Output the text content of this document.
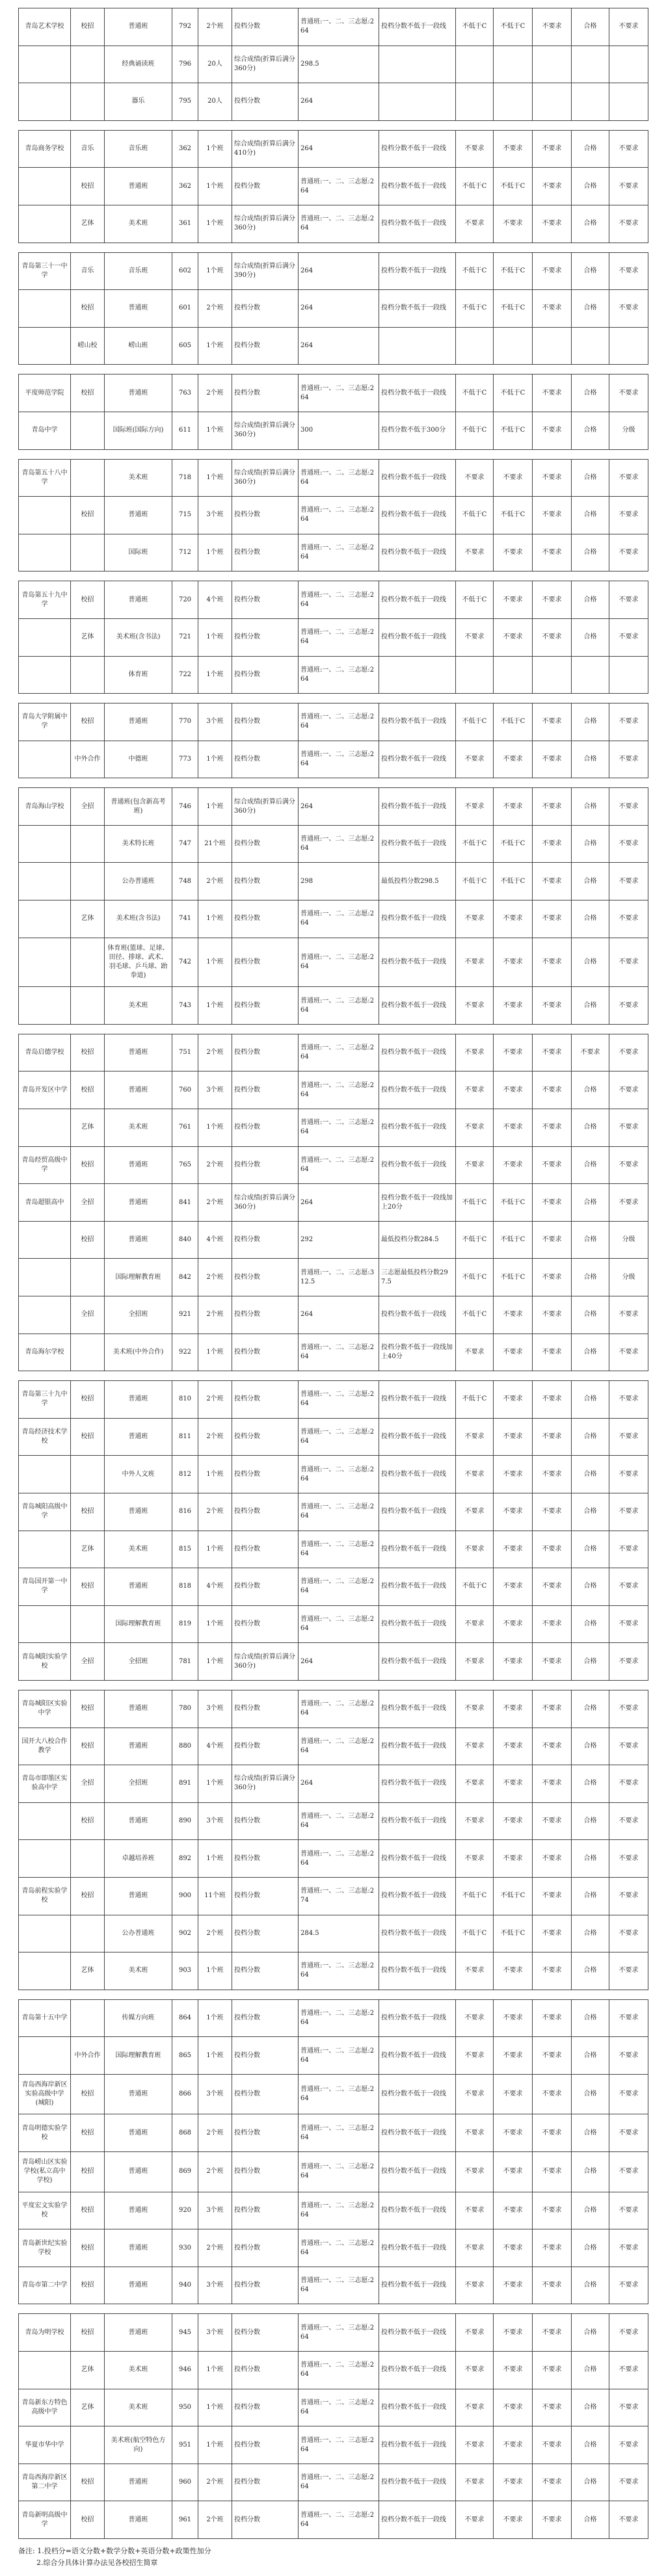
青岛艺术学校	校招	普通班	792	2个班	投档分数	普通班:一、二、三志愿:264	投档分数不低于一段线	不低于C	不低于C	不要求	合格	不要求
		经典诵读班	796	20人	综合成绩(折算后满分360分)	298.5						
		器乐	795	20人	投档分数	264						

青岛商务学校	音乐	音乐班	362	1个班	综合成绩(折算后满分410分)	264	投档分数不低于一段线	不要求	不要求	不要求	合格	不要求
	校招	普通班	362	1个班	投档分数	普通班:一、二、三志愿:264	投档分数不低于一段线	不低于C	不低于C	不要求	合格	不要求
	艺体	美术班	361	1个班	综合成绩(折算后满分360分)	普通班:一、二、三志愿:264	投档分数不低于一段线	不要求	不要求	不要求	合格	不要求

青岛第三十一中学	音乐	音乐班	602	1个班	综合成绩(折算后满分390分)	264	投档分数不低于一段线	不低于C	不低于C	不要求	合格	不要求
	校招	普通班	601	2个班	投档分数	264	投档分数不低于一段线	不低于C	不低于C	不要求	合格	不要求
	崂山校	崂山班	605	1个班	投档分数	264						

平度师范学院	校招	普通班	763	2个班	投档分数	普通班:一、二、三志愿:264	投档分数不低于一段线	不低于C	不低于C	不要求	合格	不要求
青岛中学		国际班(国际方向)	611	1个班	综合成绩(折算后满分360分)	300	投档分数不低于300分	不低于C	不低于C	不要求	合格	分级

青岛第五十八中学		美术班	718	1个班	综合成绩(折算后满分360分)	普通班:一、二、三志愿:264	投档分数不低于一段线	不要求	不要求	不要求	合格	不要求
	校招	普通班	715	3个班	投档分数	普通班:一、二、三志愿:264	投档分数不低于一段线	不低于C	不低于C	不要求	合格	不要求
		国际班	712	1个班	投档分数	普通班:一、二、三志愿:264	投档分数不低于一段线	不要求	不要求	不要求	合格	不要求

青岛第五十九中学	校招	普通班	720	4个班	投档分数	普通班:一、二、三志愿:264	投档分数不低于一段线	不低于C	不要求	不要求	合格	不要求
	艺体	美术班(含书法)	721	1个班	投档分数	普通班:一、二、三志愿:264	投档分数不低于一段线	不要求	不要求	不要求	合格	不要求
		体育班	722	1个班	投档分数	普通班:一、二、三志愿:264						

青岛大学附属中学	校招	普通班	770	3个班	投档分数	普通班:一、二、三志愿:264	投档分数不低于一段线	不低于C	不低于C	不要求	合格	不要求
	中外合作	中德班	773	1个班	投档分数	普通班:一、二、三志愿:264	投档分数不低于一段线	不要求	不要求	不要求	合格	不要求

青岛海山学校	全招	普通班(包含新高考班)	746	1个班	综合成绩(折算后满分360分)	264	投档分数不低于一段线	不要求	不要求	不要求	合格	不要求
		美术特长班	747	21个班	投档分数	普通班:一、二、三志愿:264	投档分数不低于一段线	不低于C	不低于C	不要求	合格	不要求
		公办普通班	748	2个班	投档分数	298	最低投档分数298.5	不低于C	不低于C	不要求	合格	不要求
	艺体	美术班(含书法)	741	1个班	投档分数	普通班:一、二、三志愿:264	投档分数不低于一段线	不要求	不要求	不要求	合格	不要求
		体育班(篮球、足球、田径、排球、武术、羽毛球、乒乓球、跆拳道)	742	1个班	投档分数	普通班:一、二、三志愿:264	投档分数不低于一段线	不要求	不要求	不要求	合格	不要求
		美术班	743	1个班	投档分数	普通班:一、二、三志愿:264	投档分数不低于一段线	不要求	不要求	不要求	合格	不要求

青岛启德学校	校招	普通班	751	2个班	投档分数	普通班:一、二、三志愿:264	投档分数不低于一段线	不要求	不要求	不要求	不要求	不要求
青岛开发区中学	校招	普通班	760	3个班	投档分数	普通班:一、二、三志愿:264	投档分数不低于一段线	不要求	不要求	不要求	合格	不要求
	艺体	美术班	761	1个班	投档分数	普通班:一、二、三志愿:264	投档分数不低于一段线	不要求	不要求	不要求	合格	不要求
青岛经贸高级中学	校招	普通班	765	2个班	投档分数	普通班:一、二、三志愿:264	投档分数不低于一段线	不要求	不要求	不要求	合格	不要求
青岛超银高中	全招	普通班	841	2个班	综合成绩(折算后满分360分)	264	投档分数不低于一段线加上20分	不低于C	不低于C	不要求	合格	不要求
	校招	普通班	840	4个班	投档分数	292	最低投档分数284.5	不低于C	不低于C	不要求	合格	分级
		国际理解教育班	842	2个班	投档分数	普通班:一、二、三志愿:312.5	三志愿最低投档分数297.5	不低于C	不低于C	不要求	合格	分级
	全招	全招班	921	2个班	投档分数	264	投档分数不低于一段线	不低于C	不要求	不要求	合格	不要求
青岛海尔学校		美术班(中外合作)	922	1个班	投档分数	普通班:一、二、三志愿:264	投档分数不低于一段线加上40分	不要求	不要求	不要求	合格	不要求

青岛第三十九中学	校招	普通班	810	2个班	投档分数	普通班:一、二、三志愿:264	投档分数不低于一段线	不低于C	不要求	不要求	合格	不要求
青岛经济技术学校	校招	普通班	811	2个班	投档分数	普通班:一、二、三志愿:264	投档分数不低于一段线	不要求	不要求	不要求	合格	不要求
		中外人文班	812	1个班	投档分数	普通班:一、二、三志愿:264	投档分数不低于一段线	不要求	不要求	不要求	合格	不要求
青岛城阳高级中学	校招	普通班	816	2个班	投档分数	普通班:一、二、三志愿:264	投档分数不低于一段线	不要求	不要求	不要求	合格	不要求
	艺体	美术班	815	1个班	投档分数	普通班:一、二、三志愿:264	投档分数不低于一段线	不要求	不要求	不要求	合格	不要求
青岛国开第一中学	校招	普通班	818	4个班	投档分数	普通班:一、二、三志愿:264	投档分数不低于一段线	不低于C	不要求	不要求	合格	不要求
		国际理解教育班	819	1个班	投档分数	普通班:一、二、三志愿:264	投档分数不低于一段线	不要求	不要求	不要求	合格	不要求
青岛城阳实验学校	全招	全招班	781	1个班	综合成绩(折算后满分360分)	264	投档分数不低于一段线	不要求	不要求	不要求	合格	不要求

青岛城阳区实验中学	校招	普通班	780	3个班	投档分数	普通班:一、二、三志愿:264	投档分数不低于一段线	不要求	不要求	不要求	合格	不要求
国开大八校合作教学	校招	普通班	880	4个班	投档分数	普通班:一、二、三志愿:264	投档分数不低于一段线	不要求	不要求	不要求	合格	不要求
青岛市即墨区实验高中学	全招	全招班	891	1个班	综合成绩(折算后满分360分)	264	投档分数不低于一段线	不要求	不要求	不要求	合格	不要求
	校招	普通班	890	3个班	投档分数	普通班:一、二、三志愿:264	投档分数不低于一段线	不要求	不要求	不要求	合格	不要求
		卓越培养班	892	1个班	投档分数	普通班:一、二、三志愿:264	投档分数不低于一段线	不要求	不要求	不要求	合格	不要求
青岛前程实验学校	校招	普通班	900	11个班	投档分数	普通班:一、二、三志愿:274	投档分数不低于一段线	不低于C	不低于C	不要求	合格	不要求
		公办普通班	902	2个班	投档分数	284.5	投档分数不低于一段线	不低于C	不低于C	不要求	合格	不要求
	艺体	美术班	903	1个班	投档分数	普通班:一、二、三志愿:264	投档分数不低于一段线	不要求	不要求	不要求	合格	不要求

青岛第十五中学		传媒方向班	864	1个班	投档分数	普通班:一、二、三志愿:264	投档分数不低于一段线	不要求	不要求	不要求	合格	不要求
	中外合作	国际理解教育班	865	1个班	投档分数	普通班:一、二、三志愿:264	投档分数不低于一段线	不要求	不要求	不要求	合格	不要求
青岛西海岸新区实验高级中学(城阳)	校招	普通班	866	3个班	投档分数	普通班:一、二、三志愿:264	投档分数不低于一段线	不要求	不要求	不要求	合格	不要求
青岛明德实验学校	校招	普通班	868	2个班	投档分数	普通班:一、二、三志愿:264	投档分数不低于一段线	不要求	不要求	不要求	合格	不要求
青岛崂山区实验学校(私立高中学校)	校招	普通班	869	2个班	投档分数	普通班:一、二、三志愿:264	投档分数不低于一段线	不要求	不要求	不要求	合格	不要求
平度宏文实验学校	校招	普通班	920	3个班	投档分数	普通班:一、二、三志愿:264	投档分数不低于一段线	不要求	不要求	不要求	合格	不要求
青岛新世纪实验学校	校招	普通班	930	2个班	投档分数	普通班:一、二、三志愿:264	投档分数不低于一段线	不要求	不要求	不要求	合格	不要求
青岛市第二中学	校招	普通班	940	3个班	投档分数	普通班:一、二、三志愿:264	投档分数不低于一段线	不要求	不要求	不要求	合格	不要求

青岛为明学校	校招	普通班	945	3个班	投档分数	普通班:一、二、三志愿:264	投档分数不低于一段线	不要求	不要求	不要求	合格	不要求
	艺体	美术班	946	1个班	投档分数	普通班:一、二、三志愿:264	投档分数不低于一段线	不要求	不要求	不要求	合格	不要求
青岛新东方特色高级中学	艺体	美术班	950	1个班	投档分数	普通班:一、二、三志愿:264	投档分数不低于一段线	不要求	不要求	不要求	合格	不要求
华夏市华中学		美术班(航空特色方向)	951	1个班	投档分数	普通班:一、二、三志愿:264	投档分数不低于一段线	不要求	不要求	不要求	合格	不要求
青岛西海岸新区第二中学	校招	普通班	960	2个班	投档分数	普通班:一、二、三志愿:264	投档分数不低于一段线	不要求	不要求	不要求	合格	不要求
青岛新明高级中学	校招	普通班	961	2个班	投档分数	普通班:一、二、三志愿:264	投档分数不低于一段线	不要求	不要求	不要求	合格	不要求
备注: 1.投档分=语文分数+数学分数+英语分数+政策性加分
2.综合分具体计算办法见各校招生简章
